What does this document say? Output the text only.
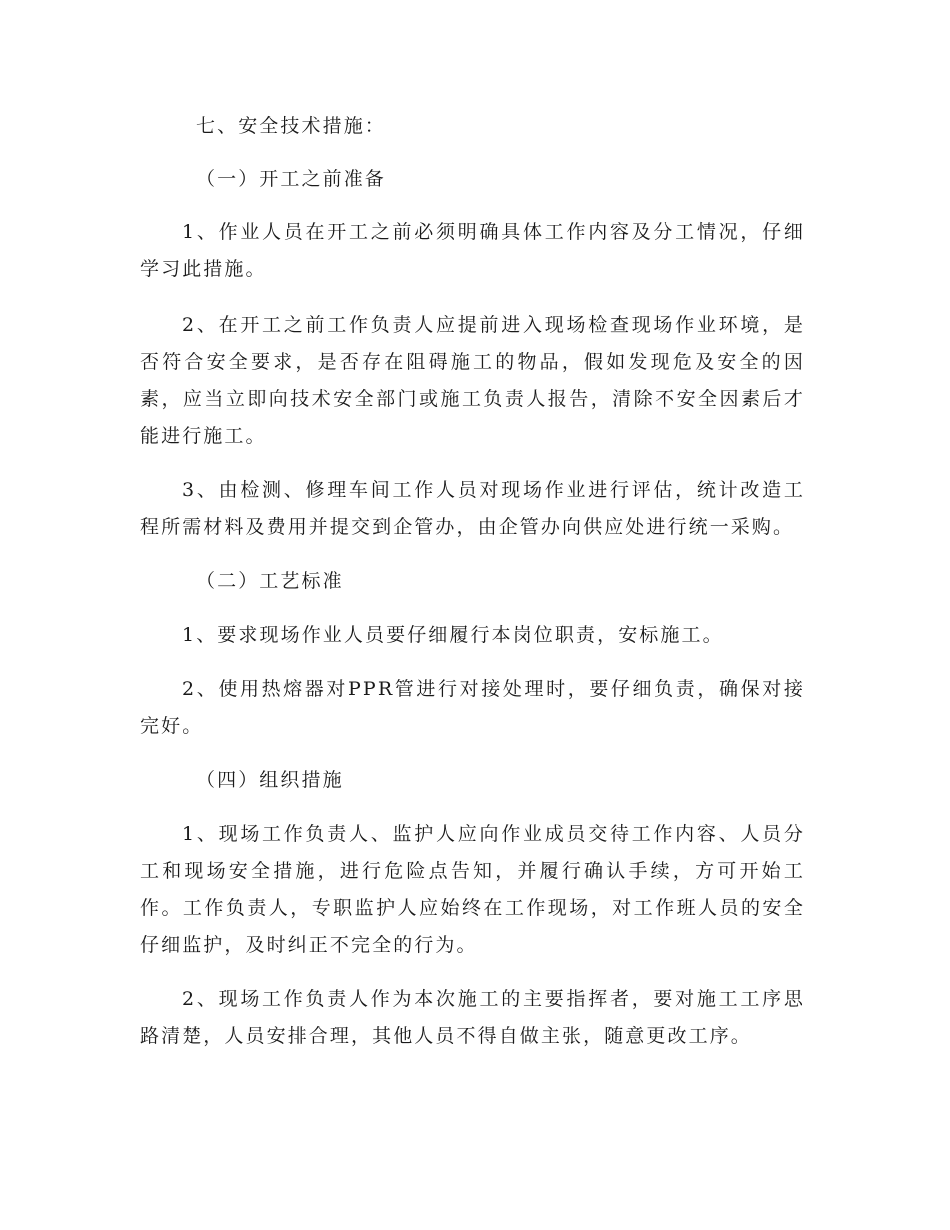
七、安全技术措施：

（一）开工之前准备

1、作业人员在开工之前必须明确具体工作内容及分工情况，仔细学习此措施。

2、在开工之前工作负责人应提前进入现场检查现场作业环境，是否符合安全要求，是否存在阻碍施工的物品，假如发现危及安全的因素，应当立即向技术安全部门或施工负责人报告，清除不安全因素后才能进行施工。

3、由检测、修理车间工作人员对现场作业进行评估，统计改造工程所需材料及费用并提交到企管办，由企管办向供应处进行统一采购。

（二）工艺标准

1、要求现场作业人员要仔细履行本岗位职责，安标施工。

2、使用热熔器对PPR管进行对接处理时，要仔细负责，确保对接完好。

（四）组织措施

1、现场工作负责人、监护人应向作业成员交待工作内容、人员分工和现场安全措施，进行危险点告知，并履行确认手续，方可开始工作。工作负责人，专职监护人应始终在工作现场，对工作班人员的安全仔细监护，及时纠正不完全的行为。

2、现场工作负责人作为本次施工的主要指挥者，要对施工工序思路清楚，人员安排合理，其他人员不得自做主张，随意更改工序。
